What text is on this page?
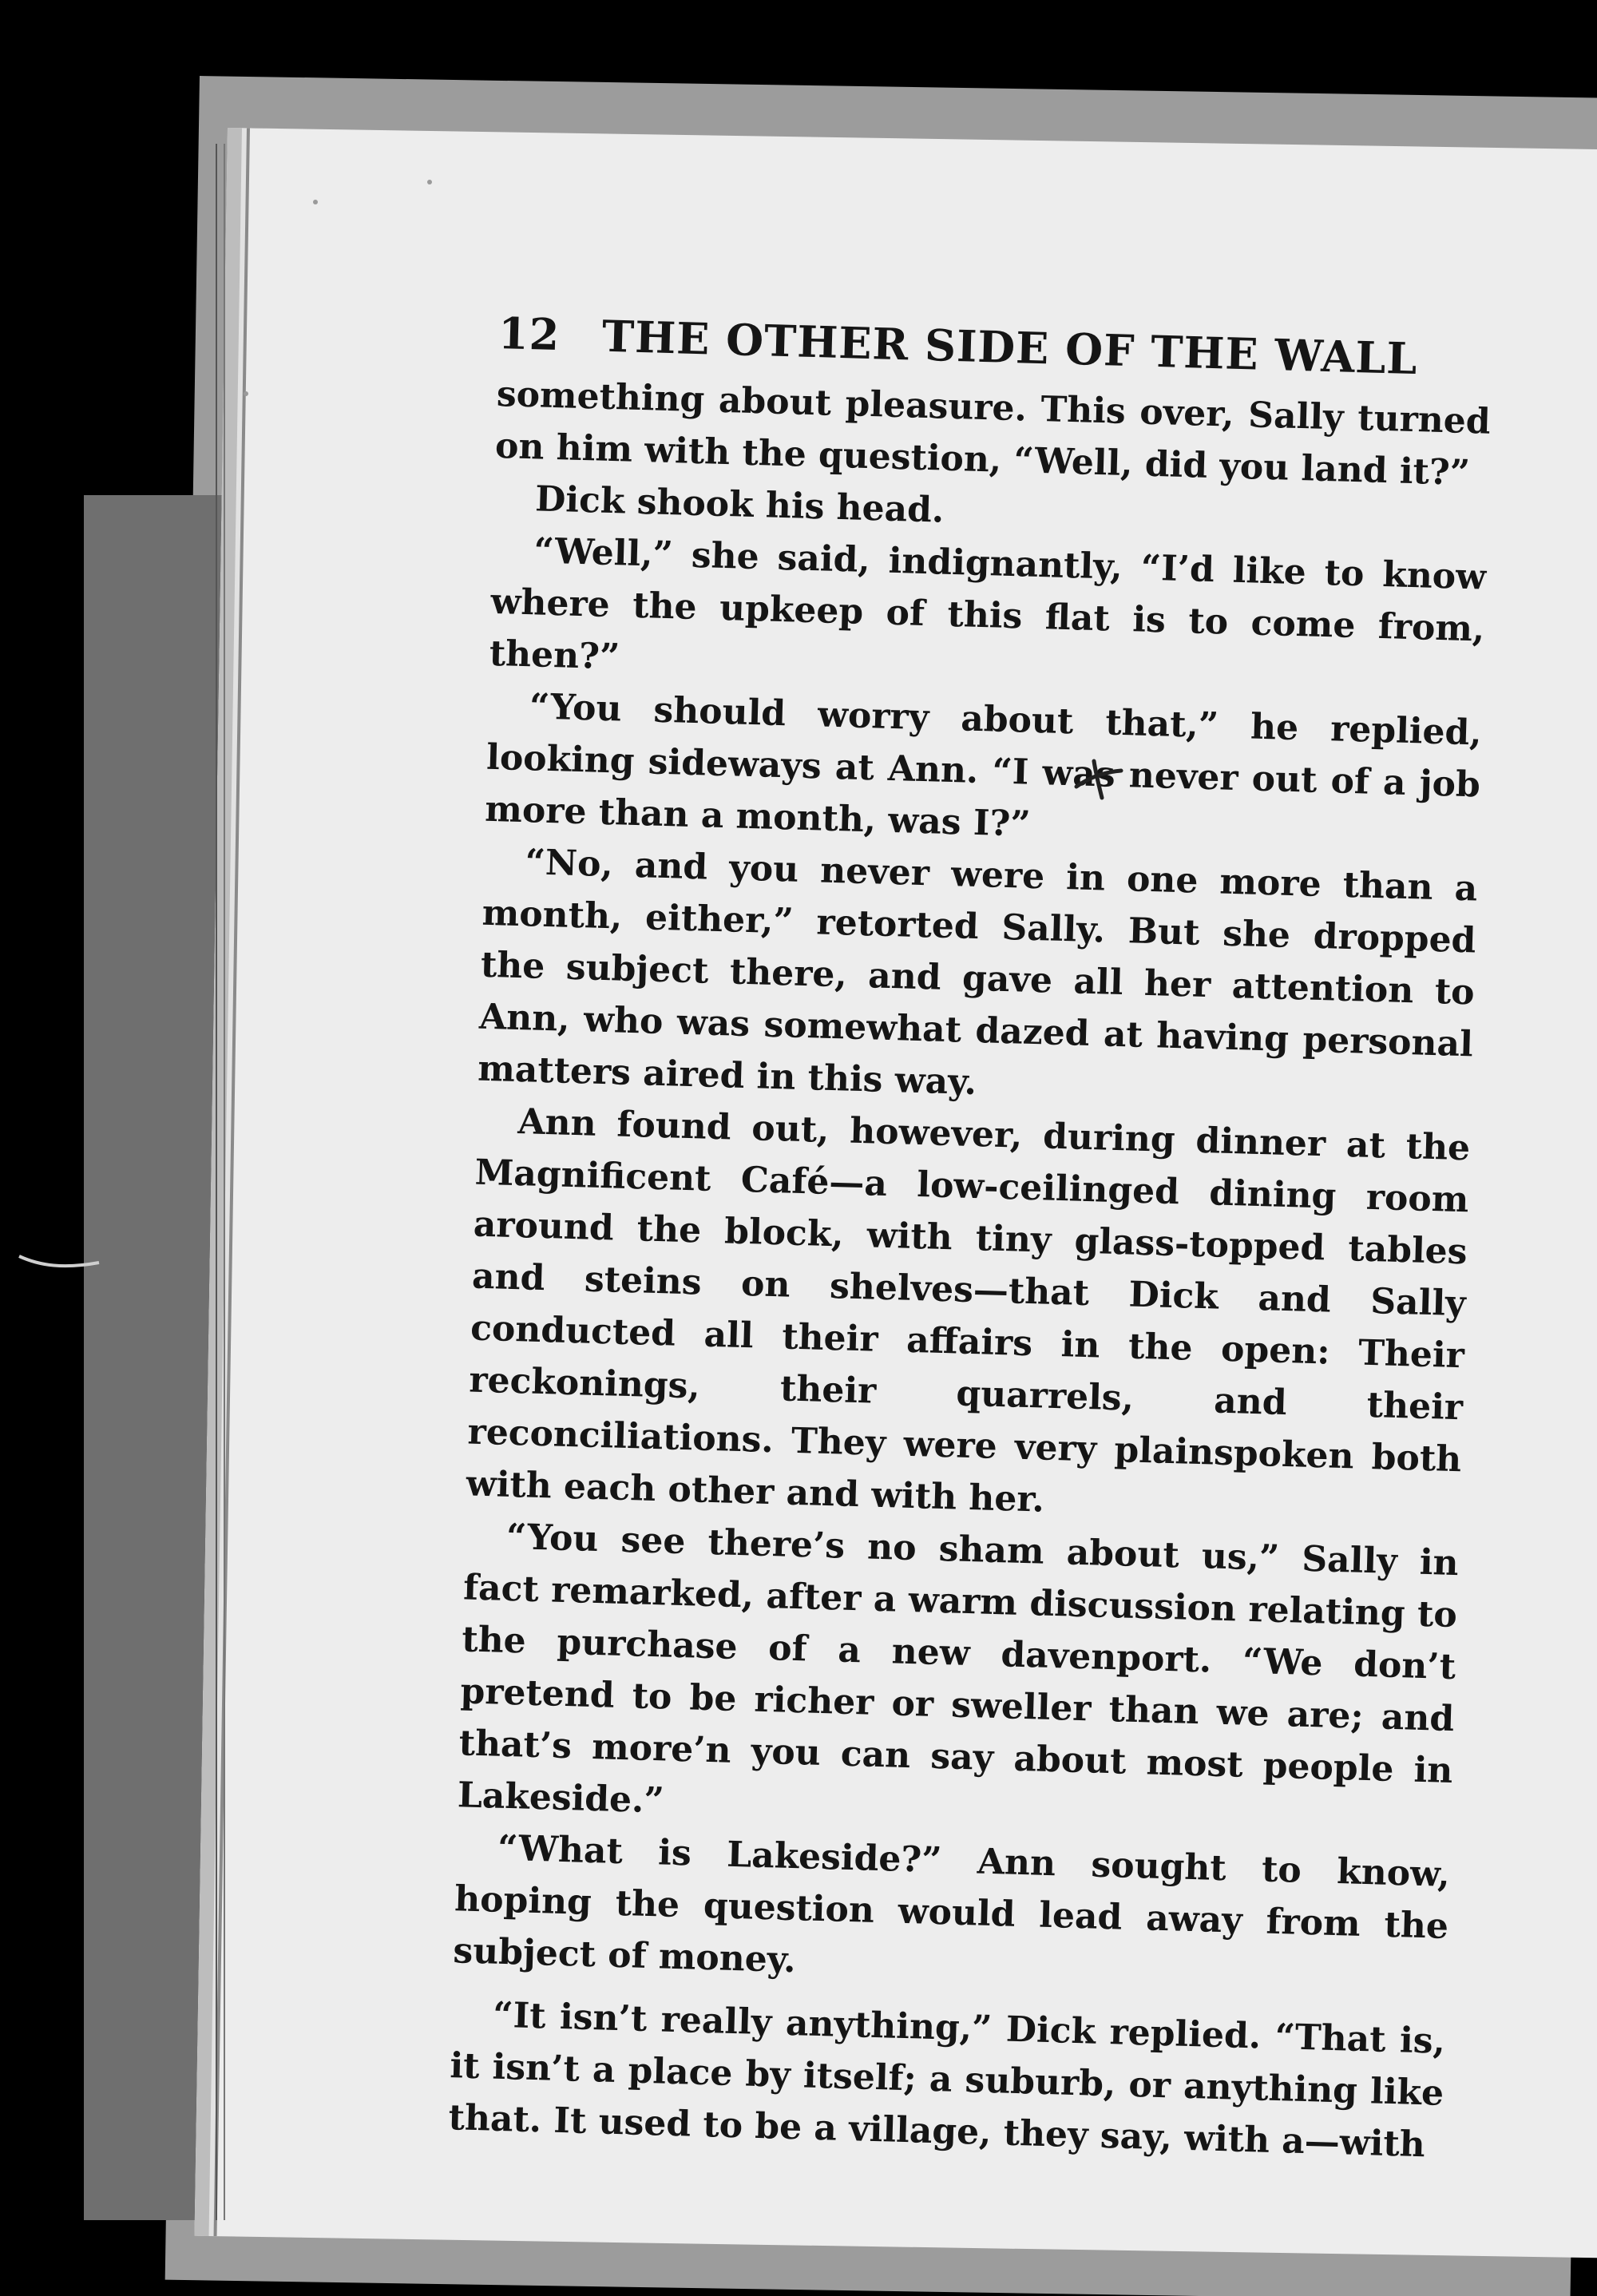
12 THE OTHER SIDE OF THE WALL

something about pleasure. This over, Sally turned on him with the question, “Well, did you land it?”

Dick shook his head.

“Well,” she said, indignantly, “I’d like to know where the upkeep of this flat is to come from, then?”

“You should worry about that,” he replied, looking sideways at Ann. “I was never out of a job more than a month, was I?”

“No, and you never were in one more than a month, either,” retorted Sally. But she dropped the subject there, and gave all her attention to Ann, who was somewhat dazed at having personal matters aired in this way.

Ann found out, however, during dinner at the Magnificent Café—a low-ceilinged dining room around the block, with tiny glass-topped tables and steins on shelves—that Dick and Sally conducted all their affairs in the open: Their reckonings, their quarrels, and their reconciliations. They were very plainspoken both with each other and with her.

“You see there’s no sham about us,” Sally in fact remarked, after a warm discussion relating to the purchase of a new davenport. “We don’t pretend to be richer or sweller than we are; and that’s more’n you can say about most people in Lakeside.”

“What is Lakeside?” Ann sought to know, hoping the question would lead away from the subject of money.

“It isn’t really anything,” Dick replied. “That is, it isn’t a place by itself; a suburb, or anything like that. It used to be a village, they say, with a—with
